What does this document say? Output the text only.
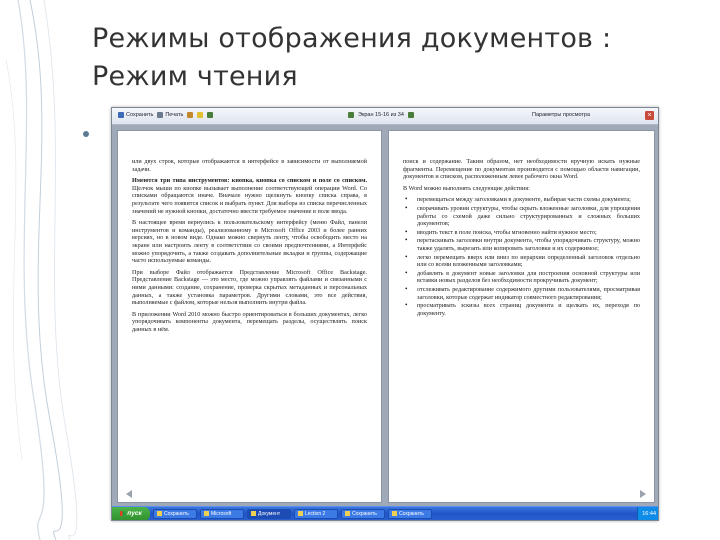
Режимы отображения документов :
Режим чтения
Сохранить Печать	Экран 15-16 из 34	Параметры просмотра	×

или двух строк, которые отображаются в интерфейсе в зависимости от выполняемой задачи.

Имеются три типа инструментов: кнопка, кнопка со списком и поле со списком. Щелчок мыши по кнопке вызывает выполнение соответствующей операции Word. Со списками обращаются иначе. Вначале нужно щелкнуть кнопку списка справа, в результате чего появится список и выбрать пункт. Для выбора из списка перечисленных значений не нужной кнопки, достаточно ввести требуемое значение в поле ввода.

В настоящее время вернулись к пользовательскому интерфейсу (меню Файл, панели инструментов и команды), реализованному в Microsoft Office 2003 и более ранних версиях, но в новом виде. Однако можно свернуть ленту, чтобы освободить место на экране или настроить ленту в соответствии со своими предпочтениями, а Интерфейс можно упорядочить, а также создавать дополнительные вкладки и группы, содержащие часто используемые команды.

При выборе Файл отображается Представление Microsoft Office Backstage. Представление Backstage — это место, где можно управлять файлами и связанными с ними данными: создание, сохранение, проверка скрытых метаданных и персональных данных, а также установка параметров. Другими словами, это все действия, выполняемые с файлом, которые нельзя выполнить внутри файла.

В приложении Word 2010 можно быстро ориентироваться в больших документах, легко упорядочивать компоненты документа, перемещать разделы, осуществлять поиск данных в нём.

поиск и содержание. Таким образом, нет необходимости вручную искать нужные фрагменты. Перемещение по документам производится с помощью области навигации, документов и списком, расположенным левее рабочего окна Word.

В Word можно выполнять следующие действия:

• перемещаться между заголовками в документе, выбирая части схемы документа;
• сворачивать уровни структуры, чтобы скрыть вложенные заголовки, для упрощения работы со схемой даже сильно структурированных и сложных больших документов;
• вводить текст в поле поиска, чтобы мгновенно найти нужное место;
• перетаскивать заголовки внутри документа, чтобы упорядочивать структуру, можно также удалять, вырезать или копировать заголовки и их содержимое;
• легко перемещать вверх или вниз по иерархии определенный заголовок отдельно или со всеми вложенными заголовками;
• добавлять в документ новые заголовки для построения основной структуры или вставки новых разделов без необходимости прокручивать документ;
• отслеживать редактирование содержимого другими пользователями, просматривая заголовки, которые содержат индикатор совместного редактирования;
• просматривать эскизы всех страниц документа и щелкать их, переходя по документу.
пуск	Сохранить	Microsoft	Документ	Lection 2	Сохранить	Сохранить	16:44
